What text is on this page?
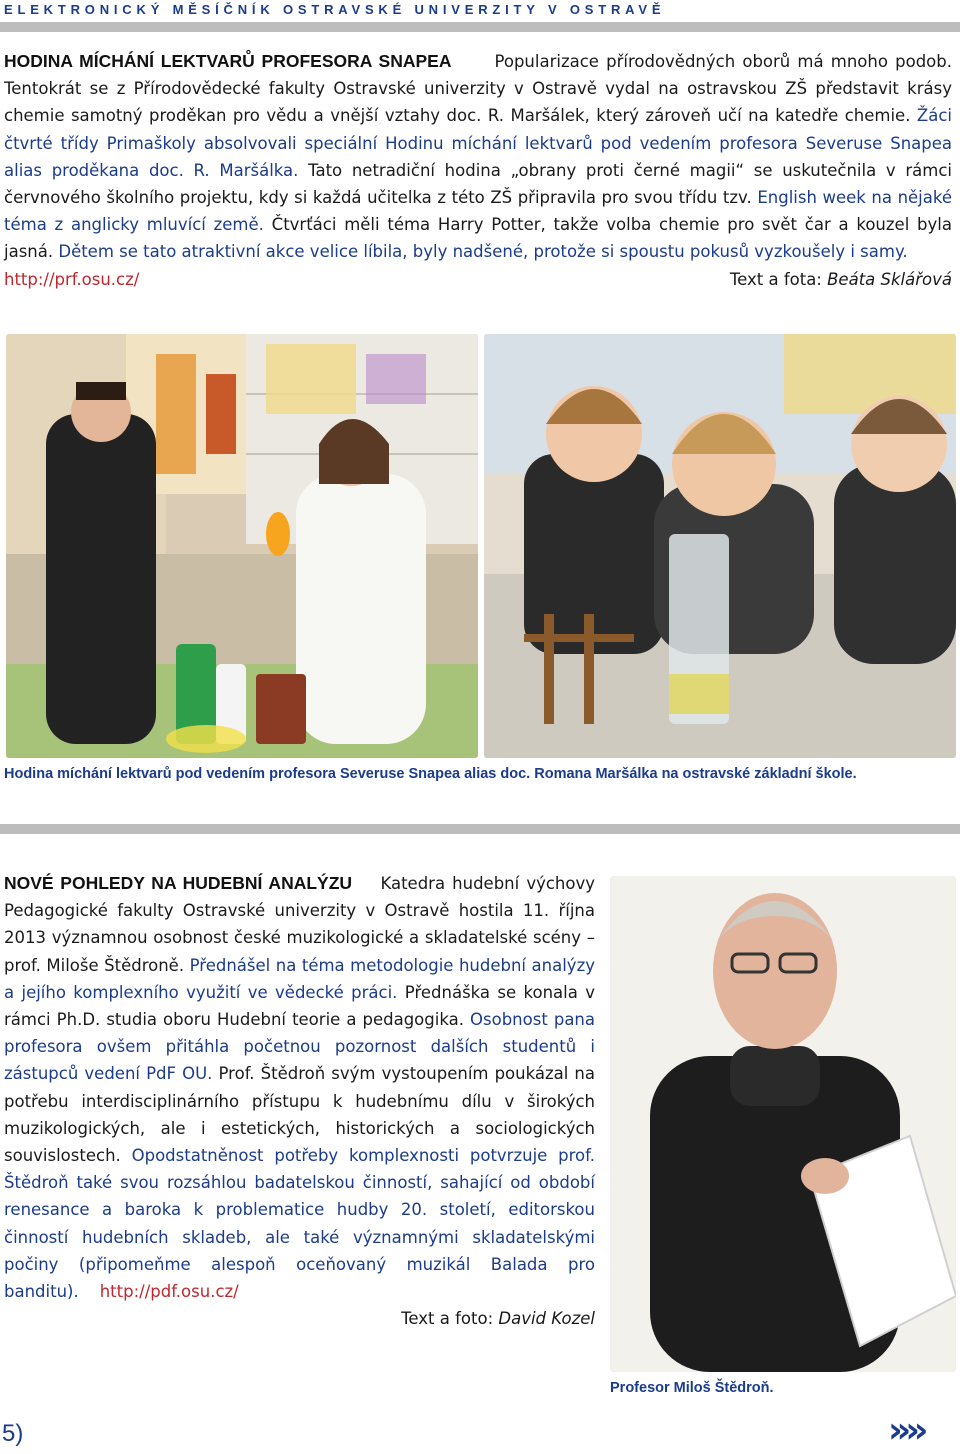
ELEKTRONICKÝ MĚSÍČNÍK OSTRAVSKÉ UNIVERZITY V OSTRAVĚ
HODINA MÍCHÁNÍ LEKTVARŮ PROFESORA SNAPEA	Popularizace přírodovědných oborů má mnoho podob. Tentokrát se z Přírodovědecké fakulty Ostravské univerzity v Ostravě vydal na ostravskou ZŠ představit krásy chemie samotný proděkan pro vědu a vnější vztahy doc. R. Maršálek, který zároveň učí na katedře chemie. Žáci čtvrté třídy Primaškoly absolvovali speciální Hodinu míchání lektvarů pod vedením profesora Severuse Snapea alias proděkana doc. R. Maršálka. Tato netradiční hodina „obrany proti černé magii“ se uskutečnila v rámci červnového školního projektu, kdy si každá učitelka z této ZŠ připravila pro svou třídu tzv. English week na nějaké téma z anglicky mluvící země. Čtvrťáci měli téma Harry Potter, takže volba chemie pro svět čar a kouzel byla jasná. Dětem se tato atraktivní akce velice líbila, byly nadšené, protože si spoustu pokusů vyzkoušely i samy.
http://prf.osu.cz/	Text a fota: Beáta Sklářová
Hodina míchání lektvarů pod vedením profesora Severuse Snapea alias doc. Romana Maršálka na ostravské základní škole.
NOVÉ POHLEDY NA HUDEBNÍ ANALÝZU Katedra hudební výchovy Pedagogické fakulty Ostravské univerzity v Ostravě hostila 11. října 2013 významnou osobnost české muzikologické a skladatelské scény – prof. Miloše Štědroně. Přednášel na téma metodologie hudební analýzy a jejího komplexního využití ve vědecké práci. Přednáška se konala v rámci Ph.D. studia oboru Hudební teorie a pedagogika. Osobnost pana profesora ovšem přitáhla početnou pozornost dalších studentů i zástupců vedení PdF OU. Prof. Štědroň svým vystoupením poukázal na potřebu interdisciplinárního přístupu k hudebnímu dílu v širokých muzikologických, ale i estetických, historických a sociologických souvislostech. Opodstatněnost potřeby komplexnosti potvrzuje prof. Štědroň také svou rozsáhlou badatelskou činností, sahající od období renesance a baroka k problematice hudby 20. století, editorskou činností hudebních skladeb, ale také významnými skladatelskými počiny (připomeňme alespoň oceňovaný muzikál Balada pro banditu). http://pdf.osu.cz/
Text a foto: David Kozel
Profesor Miloš Štědroň.
5)	»»
